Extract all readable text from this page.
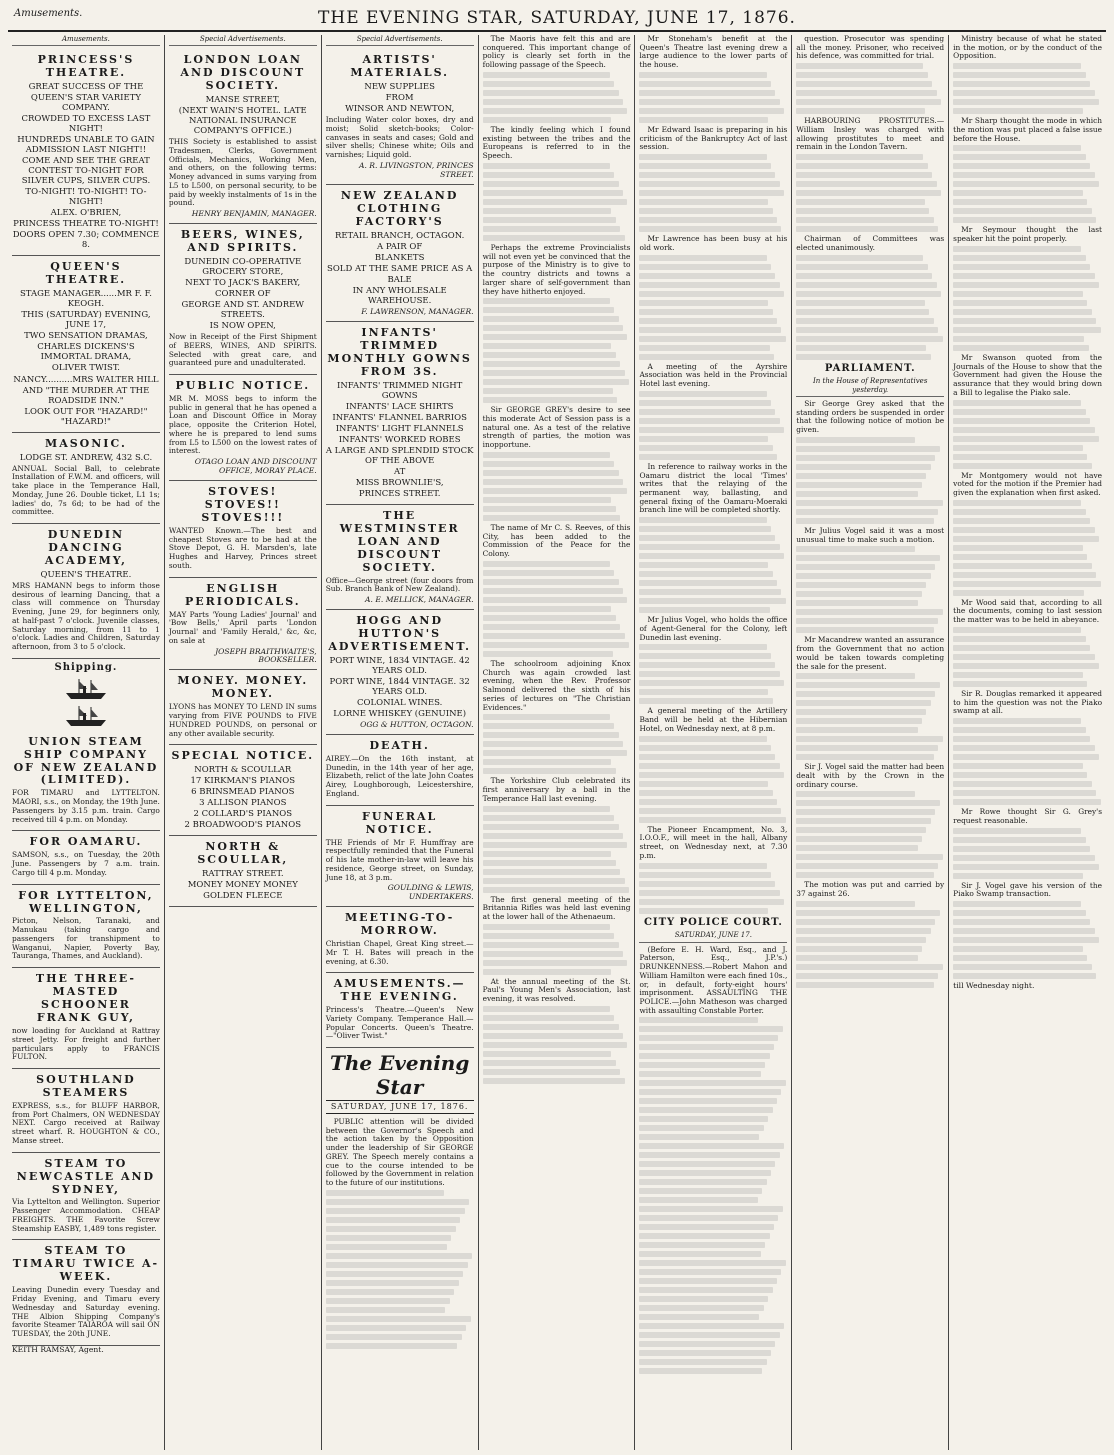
Amusements.	THE EVENING STAR, SATURDAY, JUNE 17, 1876.
Amusements.
PRINCESS'S THEATRE.
GREAT SUCCESS OF THE
QUEEN'S STAR VARIETY COMPANY.
CROWDED TO EXCESS LAST NIGHT!
HUNDREDS UNABLE TO GAIN ADMISSION LAST NIGHT!!
COME AND SEE THE GREAT CONTEST TO-NIGHT FOR SILVER CUPS, SILVER CUPS.
TO-NIGHT! TO-NIGHT! TO-NIGHT!
ALEX. O'BRIEN,
PRINCESS THEATRE TO-NIGHT!
DOORS OPEN 7.30; COMMENCE 8.
QUEEN'S THEATRE.
STAGE MANAGER......MR F. F. KEOGH.
THIS (SATURDAY) EVENING, JUNE 17,
TWO SENSATION DRAMAS,
CHARLES DICKENS'S IMMORTAL DRAMA,
OLIVER TWIST.
NANCY..........MRS WALTER HILL
AND "THE MURDER AT THE ROADSIDE INN."
LOOK OUT FOR "HAZARD!" "HAZARD!"
MASONIC.
LODGE ST. ANDREW, 432 S.C.
ANNUAL Social Ball, to celebrate Installation of F.W.M. and officers, will take place in the Temperance Hall, Monday, June 26. Double ticket, L1 1s; ladies' do, 7s 6d; to be had of the committee.
DUNEDIN DANCING ACADEMY,
QUEEN'S THEATRE.
MRS HAMANN begs to inform those desirous of learning Dancing, that a class will commence on Thursday Evening, June 29, for beginners only, at half-past 7 o'clock. Juvenile classes, Saturday morning, from 11 to 1 o'clock. Ladies and Children, Saturday afternoon, from 3 to 5 o'clock.
Shipping.
UNION STEAM SHIP COMPANY OF NEW ZEALAND (LIMITED).
FOR TIMARU and LYTTELTON. MAORI, s.s., on Monday, the 19th June. Passengers by 3.15 p.m. train. Cargo received till 4 p.m. on Monday.
FOR OAMARU.
SAMSON, s.s., on Tuesday, the 20th June. Passengers by 7 a.m. train. Cargo till 4 p.m. Monday.
FOR LYTTELTON, WELLINGTON,
Picton, Nelson, Taranaki, and Manukau (taking cargo and passengers for transhipment to Wanganui, Napier, Poverty Bay, Tauranga, Thames, and Auckland).
THE THREE-MASTED SCHOONER FRANK GUY,
now loading for Auckland at Rattray street Jetty. For freight and further particulars apply to FRANCIS FULTON.
SOUTHLAND STEAMERS
EXPRESS, s.s., for BLUFF HARBOR, from Port Chalmers, ON WEDNESDAY NEXT. Cargo received at Railway street wharf. R. HOUGHTON & CO., Manse street.
STEAM TO NEWCASTLE AND SYDNEY,
Via Lyttelton and Wellington. Superior Passenger Accommodation. CHEAP FREIGHTS. THE Favorite Screw Steamship EASBY, 1,489 tons register.
STEAM TO TIMARU TWICE A-WEEK.
Leaving Dunedin every Tuesday and Friday Evening, and Timaru every Wednesday and Saturday evening. THE Albion Shipping Company's favorite Steamer TAIAROA will sail ON TUESDAY, the 20th JUNE.
KEITH RAMSAY, Agent.
Special Advertisements.
LONDON LOAN AND DISCOUNT SOCIETY.
MANSE STREET,
(NEXT WAIN'S HOTEL. LATE NATIONAL INSURANCE COMPANY'S OFFICE.)
THIS Society is established to assist Tradesmen, Clerks, Government Officials, Mechanics, Working Men, and others, on the following terms: Money advanced in sums varying from L5 to L500, on personal security, to be paid by weekly instalments of 1s in the pound.
HENRY BENJAMIN, MANAGER.
BEERS, WINES, AND SPIRITS.
DUNEDIN CO-OPERATIVE GROCERY STORE,
NEXT TO JACK'S BAKERY,
CORNER OF
GEORGE AND ST. ANDREW STREETS.
IS NOW OPEN,
Now in Receipt of the First Shipment of BEERS, WINES, AND SPIRITS. Selected with great care, and guaranteed pure and unadulterated.
PUBLIC NOTICE.
MR M. MOSS begs to inform the public in general that he has opened a Loan and Discount Office in Moray place, opposite the Criterion Hotel, where he is prepared to lend sums from L5 to L500 on the lowest rates of interest.
OTAGO LOAN AND DISCOUNT OFFICE, MORAY PLACE.
STOVES! STOVES!! STOVES!!!
WANTED Known.—The best and cheapest Stoves are to be had at the Stove Depot, G. H. Marsden's, late Hughes and Harvey, Princes street south.
ENGLISH PERIODICALS.
MAY Parts 'Young Ladies' Journal' and 'Bow Bells,' April parts 'London Journal' and 'Family Herald,' &c, &c, on sale at
JOSEPH BRAITHWAITE'S, BOOKSELLER.
MONEY. MONEY. MONEY.
LYONS has MONEY TO LEND IN sums varying from FIVE POUNDS to FIVE HUNDRED POUNDS, on personal or any other available security.
SPECIAL NOTICE.
NORTH & SCOULLAR
17 KIRKMAN'S PIANOS
6 BRINSMEAD PIANOS
3 ALLISON PIANOS
2 COLLARD'S PIANOS
2 BROADWOOD'S PIANOS
NORTH & SCOULLAR,
RATTRAY STREET.
MONEY MONEY MONEY
GOLDEN FLEECE
Special Advertisements.
ARTISTS' MATERIALS.
NEW SUPPLIES
FROM
WINSOR AND NEWTON,
Including Water color boxes, dry and moist; Solid sketch-books; Color-canvases in seats and cases; Gold and silver shells; Chinese white; Oils and varnishes; Liquid gold.
A. R. LIVINGSTON, PRINCES STREET.
NEW ZEALAND CLOTHING FACTORY'S
RETAIL BRANCH, OCTAGON.
A PAIR OF
BLANKETS
SOLD AT THE SAME PRICE AS A
BALE
IN ANY WHOLESALE WAREHOUSE.
F. LAWRENSON, MANAGER.
INFANTS' TRIMMED MONTHLY GOWNS FROM 3S.
INFANTS' TRIMMED NIGHT GOWNS
INFANTS' LACE SHIRTS
INFANTS' FLANNEL BARRIOS
INFANTS' LIGHT FLANNELS
INFANTS' WORKED ROBES
A LARGE AND SPLENDID STOCK OF THE ABOVE
AT
MISS BROWNLIE'S,
PRINCES STREET.
THE WESTMINSTER LOAN AND DISCOUNT SOCIETY.
Office—George street (four doors from Sub. Branch Bank of New Zealand).
A. E. MELLICK, MANAGER.
HOGG AND HUTTON'S ADVERTISEMENT.
PORT WINE, 1834 VINTAGE. 42 YEARS OLD.
PORT WINE, 1844 VINTAGE. 32 YEARS OLD.
COLONIAL WINES.
LORNE WHISKEY (GENUINE)
OGG & HUTTON, OCTAGON.
DEATH.
AIREY.—On the 16th instant, at Dunedin, in the 14th year of her age, Elizabeth, relict of the late John Coates Airey, Loughborough, Leicestershire, England.
FUNERAL NOTICE.
THE Friends of Mr F. Humffray are respectfully reminded that the Funeral of his late mother-in-law will leave his residence, George street, on Sunday, June 18, at 3 p.m.
GOULDING & LEWIS, UNDERTAKERS.
MEETING-TO-MORROW.
Christian Chapel, Great King street.—Mr T. H. Bates will preach in the evening, at 6.30.
AMUSEMENTS.—THE EVENING.
Princess's Theatre.—Queen's New Variety Company. Temperance Hall.—Popular Concerts. Queen's Theatre.—"Oliver Twist."
The Evening Star
SATURDAY, JUNE 17, 1876.

PUBLIC attention will be divided between the Governor's Speech and the action taken by the Opposition under the leadership of Sir GEORGE GREY. The Speech merely contains a cue to the course intended to be followed by the Government in relation to the future of our institutions.

The Maoris have felt this and are conquered. This important change of policy is clearly set forth in the following passage of the Speech.

The kindly feeling which I found existing between the tribes and the Europeans is referred to in the Speech.

Perhaps the extreme Provincialists will not even yet be convinced that the purpose of the Ministry is to give to the country districts and towns a larger share of self-government than they have hitherto enjoyed.

Sir GEORGE GREY's desire to see this moderate Act of Session pass is a natural one. As a test of the relative strength of parties, the motion was inopportune.

The name of Mr C. S. Reeves, of this City, has been added to the Commission of the Peace for the Colony.

The schoolroom adjoining Knox Church was again crowded last evening, when the Rev. Professor Salmond delivered the sixth of his series of lectures on "The Christian Evidences."

The Yorkshire Club celebrated its first anniversary by a ball in the Temperance Hall last evening.

The first general meeting of the Britannia Rifles was held last evening at the lower hall of the Athenaeum.

At the annual meeting of the St. Paul's Young Men's Association, last evening, it was resolved.

Mr Stoneham's benefit at the Queen's Theatre last evening drew a large audience to the lower parts of the house.

Mr Edward Isaac is preparing in his criticism of the Bankruptcy Act of last session.

Mr Lawrence has been busy at his old work.

A meeting of the Ayrshire Association was held in the Provincial Hotel last evening.

In reference to railway works in the Oamaru district the local 'Times' writes that the relaying of the permanent way, ballasting, and general fixing of the Oamaru-Moeraki branch line will be completed shortly.

Mr Julius Vogel, who holds the office of Agent-General for the Colony, left Dunedin last evening.

A general meeting of the Artillery Band will be held at the Hibernian Hotel, on Wednesday next, at 8 p.m.

The Pioneer Encampment, No. 3, I.O.O.F., will meet in the hall, Albany street, on Wednesday next, at 7.30 p.m.

CITY POLICE COURT.
SATURDAY, JUNE 17.

(Before E. H. Ward, Esq., and J. Paterson, Esq., J.P.'s.) DRUNKENNESS.—Robert Mahon and William Hamilton were each fined 10s., or, in default, forty-eight hours' imprisonment. ASSAULTING THE POLICE.—John Matheson was charged with assaulting Constable Porter.

question. Prosecutor was spending all the money. Prisoner, who received his defence, was committed for trial.

HARBOURING PROSTITUTES.—William Insley was charged with allowing prostitutes to meet and remain in the London Tavern.

Chairman of Committees was elected unanimously.

PARLIAMENT.
In the House of Representatives yesterday.

Sir George Grey asked that the standing orders be suspended in order that the following notice of motion be given.

Mr Julius Vogel said it was a most unusual time to make such a motion.

Mr Macandrew wanted an assurance from the Government that no action would be taken towards completing the sale for the present.

Sir J. Vogel said the matter had been dealt with by the Crown in the ordinary course.

The motion was put and carried by 37 against 26.

Ministry because of what he stated in the motion, or by the conduct of the Opposition.

Mr Sharp thought the mode in which the motion was put placed a false issue before the House.

Mr Seymour thought the last speaker hit the point properly.

Mr Swanson quoted from the Journals of the House to show that the Government had given the House the assurance that they would bring down a Bill to legalise the Piako sale.

Mr Montgomery would not have voted for the motion if the Premier had given the explanation when first asked.

Mr Wood said that, according to all the documents, coming to last session the matter was to be held in abeyance.

Sir R. Douglas remarked it appeared to him the question was not the Piako swamp at all.

Mr Rowe thought Sir G. Grey's request reasonable.

Sir J. Vogel gave his version of the Piako Swamp transaction.

till Wednesday night.
